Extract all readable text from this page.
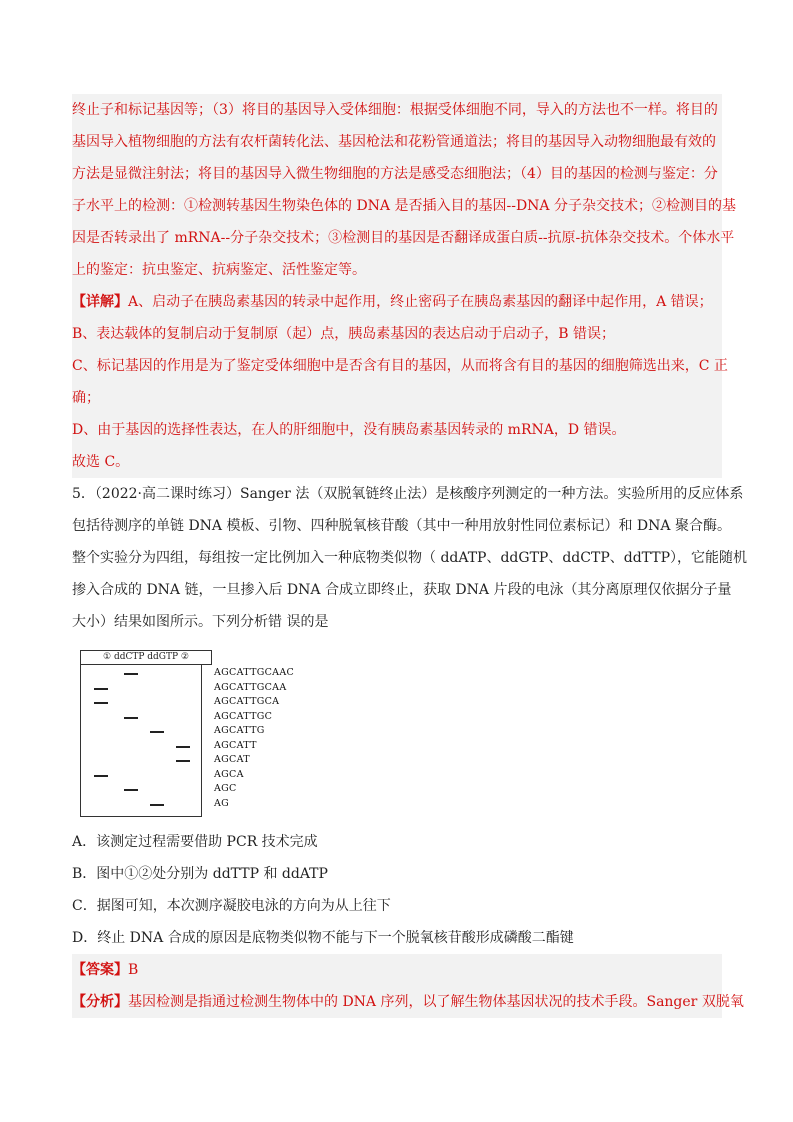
终止子和标记基因等；（3）将目的基因导入受体细胞：根据受体细胞不同，导入的方法也不一样。将目的
基因导入植物细胞的方法有农杆菌转化法、基因枪法和花粉管通道法；将目的基因导入动物细胞最有效的
方法是显微注射法；将目的基因导入微生物细胞的方法是感受态细胞法；（4）目的基因的检测与鉴定：分
子水平上的检测：①检测转基因生物染色体的 DNA 是否插入目的基因--DNA 分子杂交技术；②检测目的基
因是否转录出了 mRNA--分子杂交技术；③检测目的基因是否翻译成蛋白质--抗原-抗体杂交技术。个体水平
上的鉴定：抗虫鉴定、抗病鉴定、活性鉴定等。
【详解】A、启动子在胰岛素基因的转录中起作用，终止密码子在胰岛素基因的翻译中起作用，A 错误；
B、表达载体的复制启动于复制原（起）点，胰岛素基因的表达启动于启动子，B 错误；
C、标记基因的作用是为了鉴定受体细胞中是否含有目的基因，从而将含有目的基因的细胞筛选出来，C 正
确；
D、由于基因的选择性表达，在人的肝细胞中，没有胰岛素基因转录的 mRNA，D 错误。
故选 C。
5．（2022·高二课时练习）Sanger 法（双脱氧链终止法）是核酸序列测定的一种方法。实验所用的反应体系
包括待测序的单链 DNA 模板、引物、四种脱氧核苷酸（其中一种用放射性同位素标记）和 DNA 聚合酶。
整个实验分为四组，每组按一定比例加入一种底物类似物（ ddATP、ddGTP、ddCTP、ddTTP），它能随机
掺入合成的 DNA 链，一旦掺入后 DNA 合成立即终止，获取 DNA 片段的电泳（其分离原理仅依据分子量
大小）结果如图所示。下列分析错 误的是
① ddCTP ddGTP ②
AGCATTGCAAC
AGCATTGCAA
AGCATTGCA
AGCATTGC
AGCATTG
AGCATT
AGCAT
AGCA
AGC
AG
A．该测定过程需要借助 PCR 技术完成
B．图中①②处分别为 ddTTP 和 ddATP
C．据图可知，本次测序凝胶电泳的方向为从上往下
D．终止 DNA 合成的原因是底物类似物不能与下一个脱氧核苷酸形成磷酸二酯键
【答案】B
【分析】基因检测是指通过检测生物体中的 DNA 序列，以了解生物体基因状况的技术手段。Sanger 双脱氧
